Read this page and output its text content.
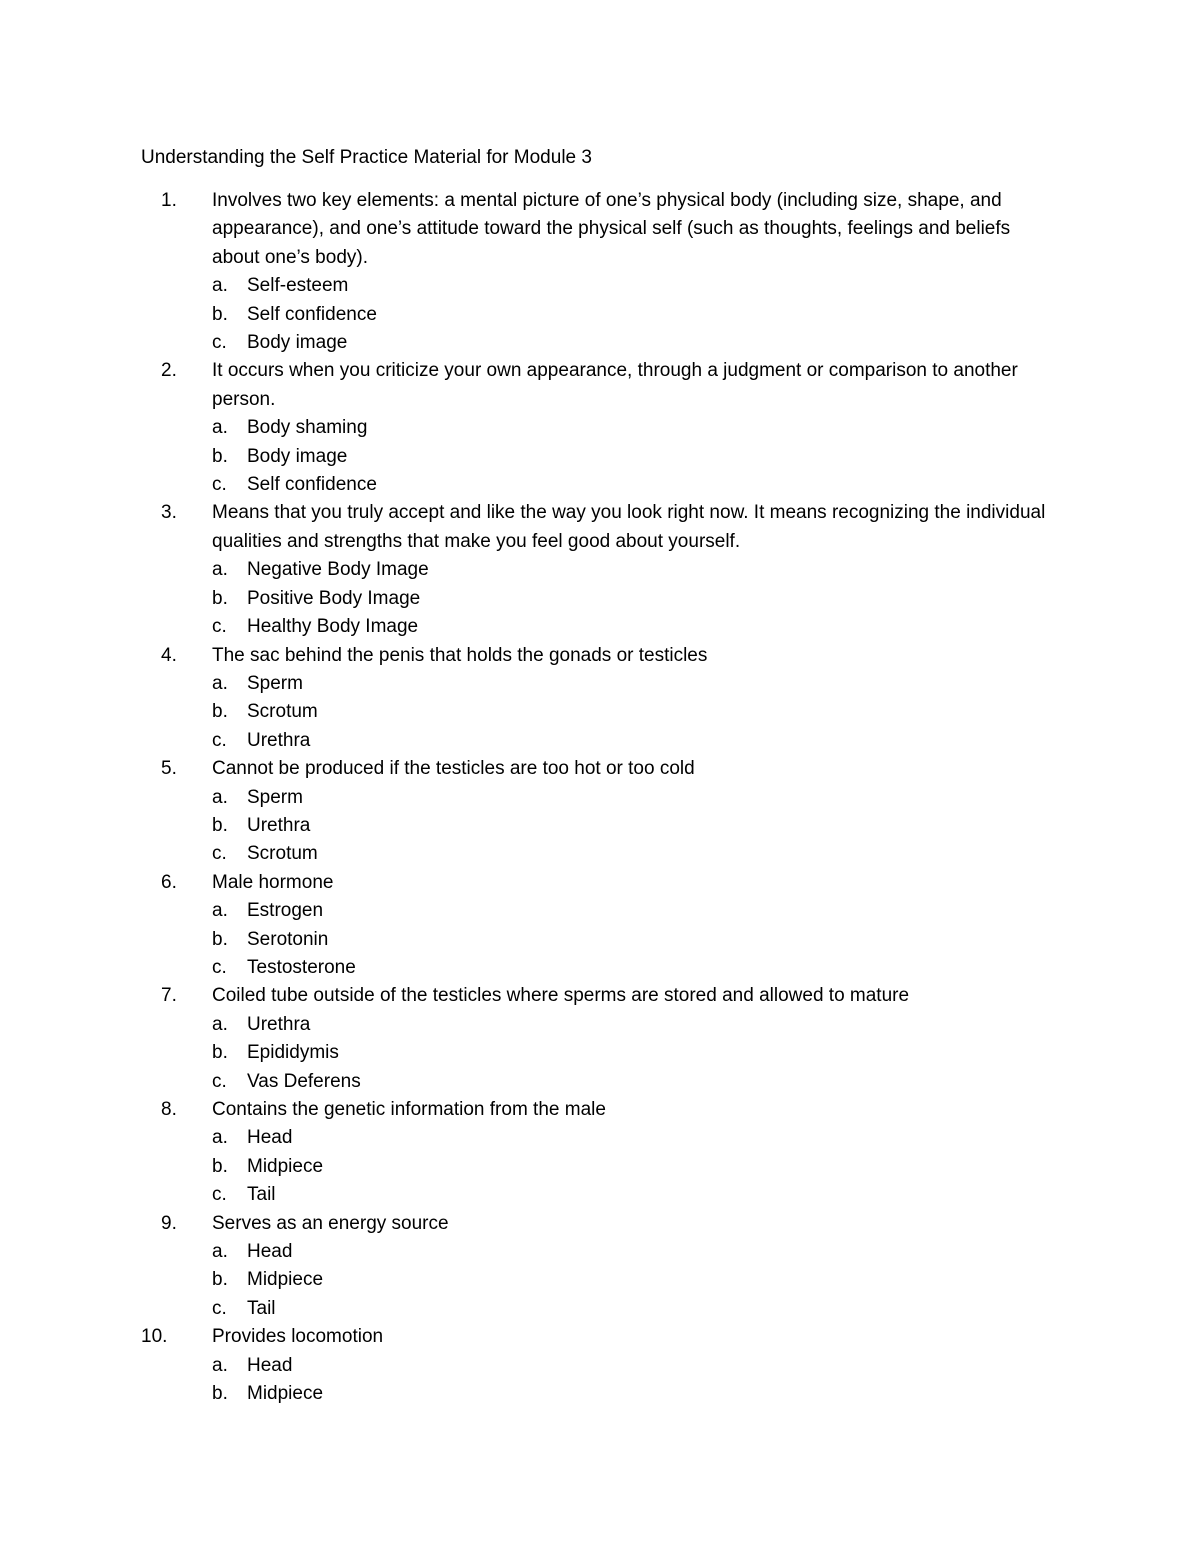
Understanding the Self Practice Material for Module 3
1. Involves two key elements: a mental picture of one’s physical body (including size, shape, and appearance), and one’s attitude toward the physical self (such as thoughts, feelings and beliefs about one’s body).
a. Self-esteem
b. Self confidence
c. Body image
2. It occurs when you criticize your own appearance, through a judgment or comparison to another person.
a. Body shaming
b. Body image
c. Self confidence
3. Means that you truly accept and like the way you look right now. It means recognizing the individual qualities and strengths that make you feel good about yourself.
a. Negative Body Image
b. Positive Body Image
c. Healthy Body Image
4. The sac behind the penis that holds the gonads or testicles
a. Sperm
b. Scrotum
c. Urethra
5. Cannot be produced if the testicles are too hot or too cold
a. Sperm
b. Urethra
c. Scrotum
6. Male hormone
a. Estrogen
b. Serotonin
c. Testosterone
7. Coiled tube outside of the testicles where sperms are stored and allowed to mature
a. Urethra
b. Epididymis
c. Vas Deferens
8. Contains the genetic information from the male
a. Head
b. Midpiece
c. Tail
9. Serves as an energy source
a. Head
b. Midpiece
c. Tail
10. Provides locomotion
a. Head
b. Midpiece
